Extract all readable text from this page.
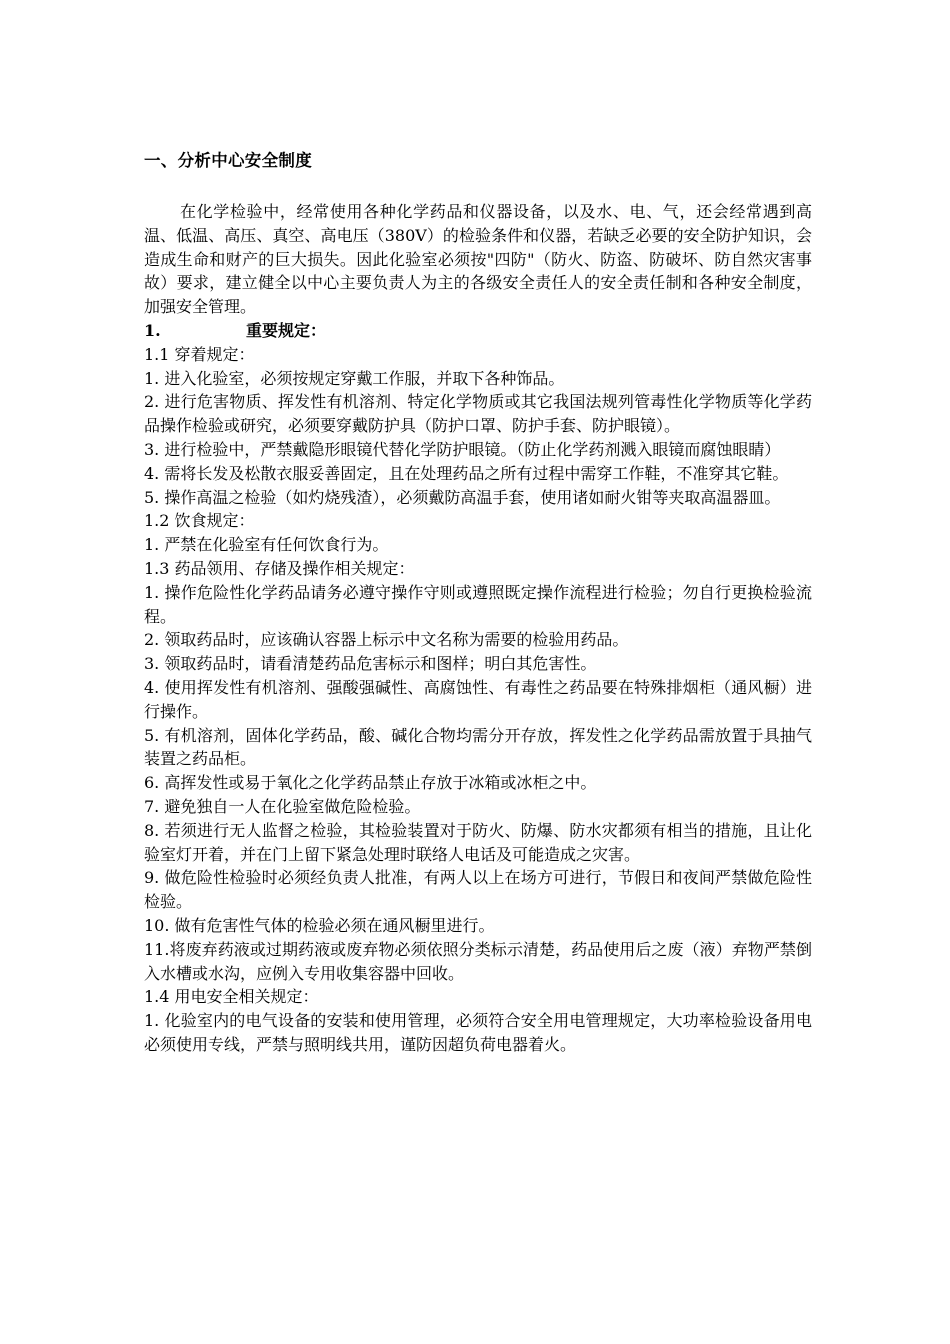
一、分析中心安全制度

在化学检验中，经常使用各种化学药品和仪器设备，以及水、电、气，还会经常遇到高温、低温、高压、真空、高电压（380V）的检验条件和仪器，若缺乏必要的安全防护知识，会造成生命和财产的巨大损失。因此化验室必须按"四防"（防火、防盗、防破坏、防自然灾害事故）要求，建立健全以中心主要负责人为主的各级安全责任人的安全责任制和各种安全制度，加强安全管理。

1.	重要规定：

1.1 穿着规定：

1. 进入化验室，必须按规定穿戴工作服，并取下各种饰品。

2. 进行危害物质、挥发性有机溶剂、特定化学物质或其它我国法规列管毒性化学物质等化学药品操作检验或研究，必须要穿戴防护具（防护口罩、防护手套、防护眼镜）。

3. 进行检验中，严禁戴隐形眼镜代替化学防护眼镜。（防止化学药剂溅入眼镜而腐蚀眼睛）

4. 需将长发及松散衣服妥善固定，且在处理药品之所有过程中需穿工作鞋，不准穿其它鞋。

5. 操作高温之检验（如灼烧残渣），必须戴防高温手套，使用诸如耐火钳等夹取高温器皿。

1.2 饮食规定：

1. 严禁在化验室有任何饮食行为。

1.3 药品领用、存储及操作相关规定：

1. 操作危险性化学药品请务必遵守操作守则或遵照既定操作流程进行检验；勿自行更换检验流程。

2. 领取药品时，应该确认容器上标示中文名称为需要的检验用药品。

3. 领取药品时，请看清楚药品危害标示和图样；明白其危害性。

4. 使用挥发性有机溶剂、强酸强碱性、高腐蚀性、有毒性之药品要在特殊排烟柜（通风橱）进行操作。

5. 有机溶剂，固体化学药品，酸、碱化合物均需分开存放，挥发性之化学药品需放置于具抽气装置之药品柜。

6. 高挥发性或易于氧化之化学药品禁止存放于冰箱或冰柜之中。

7. 避免独自一人在化验室做危险检验。

8. 若须进行无人监督之检验，其检验装置对于防火、防爆、防水灾都须有相当的措施，且让化验室灯开着，并在门上留下紧急处理时联络人电话及可能造成之灾害。

9. 做危险性检验时必须经负责人批准，有两人以上在场方可进行，节假日和夜间严禁做危险性检验。

10. 做有危害性气体的检验必须在通风橱里进行。

11.将废弃药液或过期药液或废弃物必须依照分类标示清楚，药品使用后之废（液）弃物严禁倒入水槽或水沟，应例入专用收集容器中回收。

1.4 用电安全相关规定：

1. 化验室内的电气设备的安装和使用管理，必须符合安全用电管理规定，大功率检验设备用电必须使用专线，严禁与照明线共用，谨防因超负荷电器着火。
